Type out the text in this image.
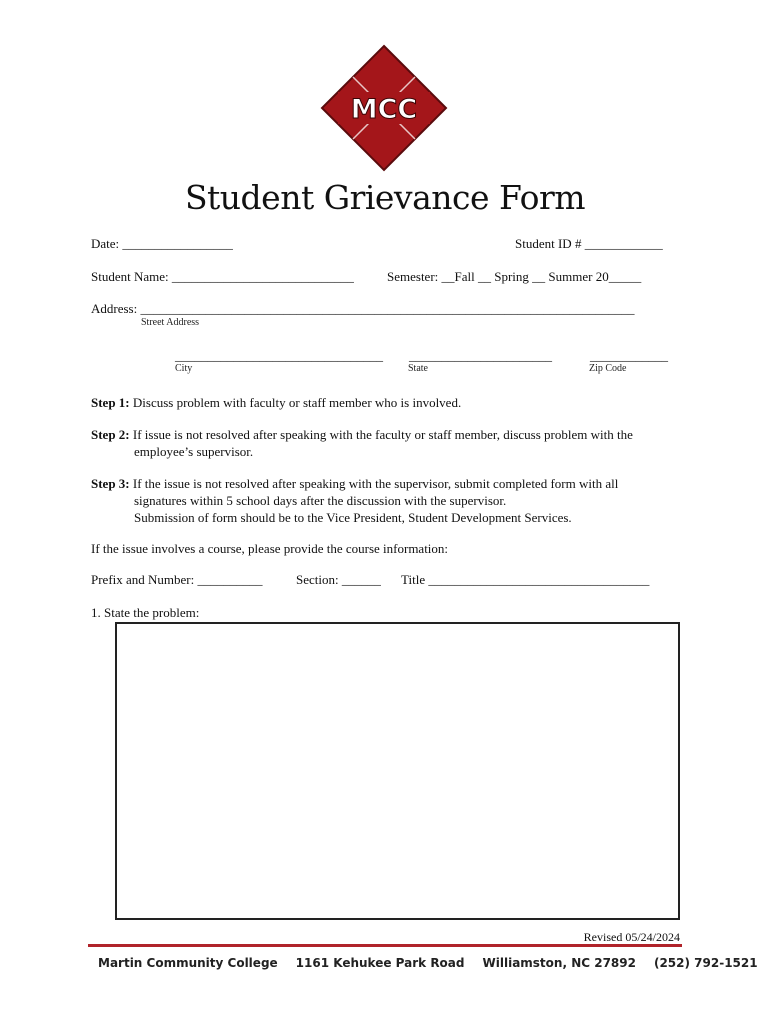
MCC
Student Grievance Form
Date: _________________	Student ID # ____________
Student Name: ____________________________	Semester: __Fall __ Spring __ Summer 20_____
Address: ____________________________________________________________________________
Street Address
________________________________ ______________________	____________
City	State	Zip Code
Step 1: Discuss problem with faculty or staff member who is involved.
Step 2: If issue is not resolved after speaking with the faculty or staff member, discuss problem with the
employee’s supervisor.
Step 3: If the issue is not resolved after speaking with the supervisor, submit completed form with all
signatures within 5 school days after the discussion with the supervisor.
Submission of form should be to the Vice President, Student Development Services.
If the issue involves a course, please provide the course information:
Prefix and Number: __________	Section: ______ Title __________________________________
1. State the problem:
Revised 05/24/2024
Martin Community College 1161 Kehukee Park Road Williamston, NC 27892 (252) 792-1521
